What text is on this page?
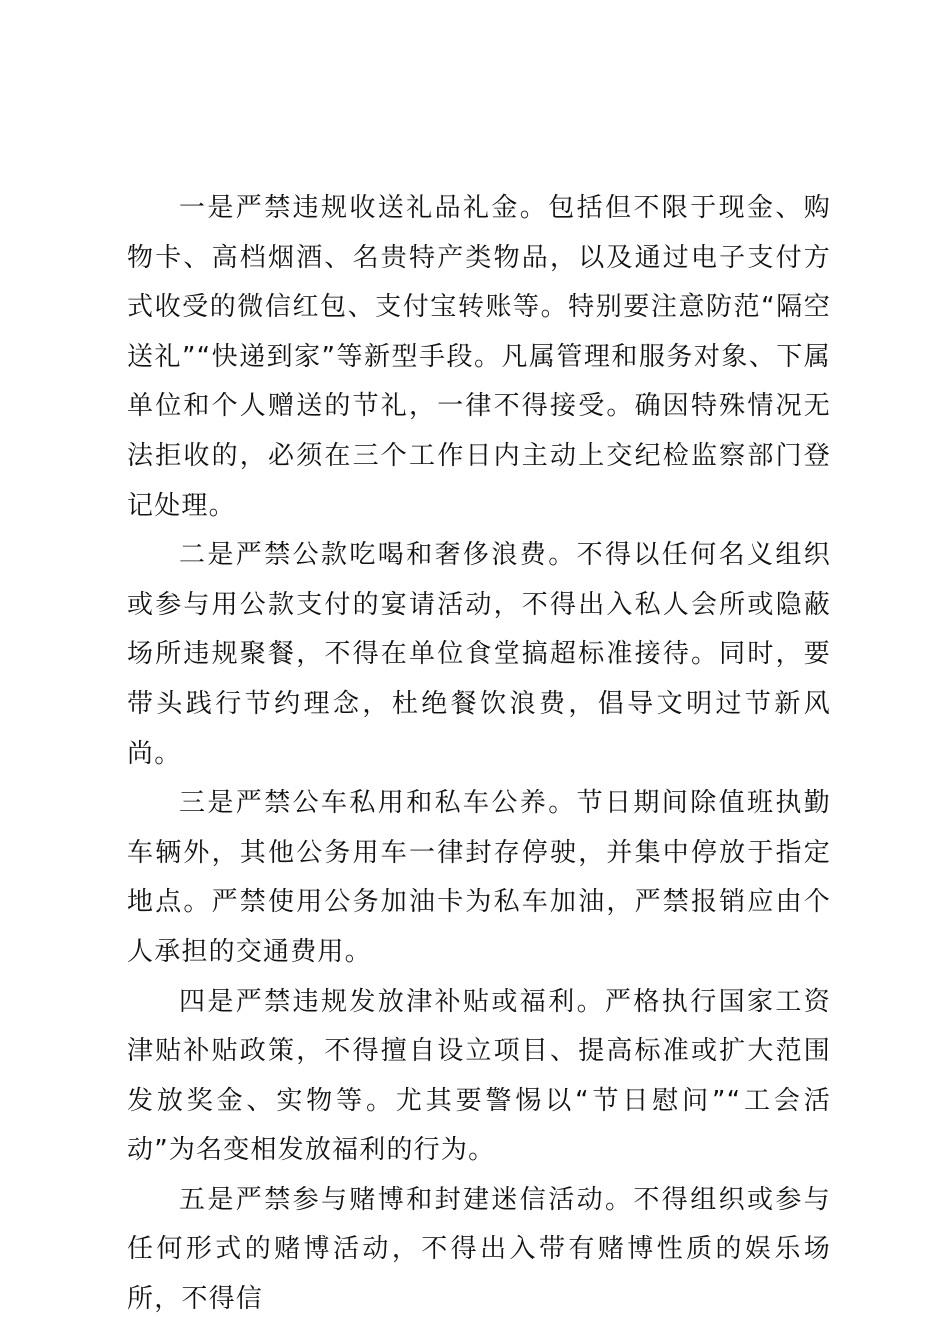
一是严禁违规收送礼品礼金。包括但不限于现金、购物卡、高档烟酒、名贵特产类物品，以及通过电子支付方式收受的微信红包、支付宝转账等。特别要注意防范“隔空送礼”“快递到家”等新型手段。凡属管理和服务对象、下属单位和个人赠送的节礼，一律不得接受。确因特殊情况无法拒收的，必须在三个工作日内主动上交纪检监察部门登记处理。

二是严禁公款吃喝和奢侈浪费。不得以任何名义组织或参与用公款支付的宴请活动，不得出入私人会所或隐蔽场所违规聚餐，不得在单位食堂搞超标准接待。同时，要带头践行节约理念，杜绝餐饮浪费，倡导文明过节新风尚。

三是严禁公车私用和私车公养。节日期间除值班执勤车辆外，其他公务用车一律封存停驶，并集中停放于指定地点。严禁使用公务加油卡为私车加油，严禁报销应由个人承担的交通费用。

四是严禁违规发放津补贴或福利。严格执行国家工资津贴补贴政策，不得擅自设立项目、提高标准或扩大范围发放奖金、实物等。尤其要警惕以“节日慰问”“工会活动”为名变相发放福利的行为。

五是严禁参与赌博和封建迷信活动。不得组织或参与任何形式的赌博活动，不得出入带有赌博性质的娱乐场所，不得信
